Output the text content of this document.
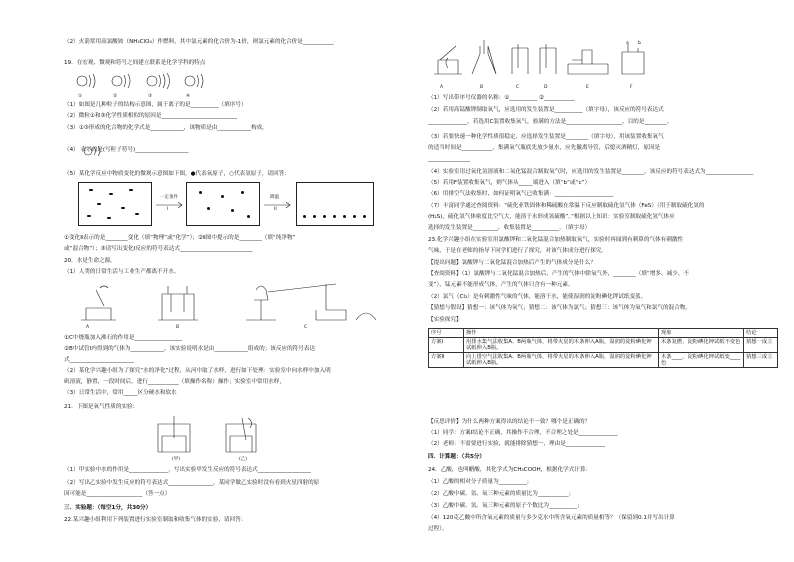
（2）火箭常用高氯酸铵（NH₄ClO₄）作燃料，其中氯元素的化合价为-1价，则氯元素的化合价是___________
19．在宏观、微观和符号之间建立联系是化学学科的特点
①	②	③	④
（1）如图是几种粒子的结构示意图，属于离子的是__________（填序号）
（2）微粒①和③化学性质相似的原因是___________________________
（3）①③形成的化合物的化学式是____________，该物质是由____________构成。
（4） 表示的是(写粒子符号)___________________
（5）某化学反应中物质变化的微观示意图如下图，●代表氧原子，○代表氢原子，请回答：
一定条件
I
降温
II
①变化Ⅱ表示的是________变化（填“物理”或“化学”）；②Ⅱ图中提示的是________（填“纯净物”
或“混合物”）；③请写出变化Ⅰ反应的符号表达式__________________________
20．水是生命之源。
（1）人类的日常生活与工业生产都离不开水。
A	B	C
①C中烧瓶加入沸石的作用是_________________
②B中试管Ⅰ内得到的气体为____________，该实验说明水是由____________组成的；该反应的符号表达
式_______________________
（2）某化学兴趣小组为了探究“水的净化”过程，从河中取了水样，进行如下处理：实验室中向水样中加入明
矾溶液，静置，一段时间后，进行___________（填操作名称）操作；实验室中常用水样，
（3）日常生活中，常用_____区分硬水和软水
21．下图是氧气性质的实验：
(甲)	(乙)
（1）甲实验中水的作用是______________，写出实验甲发生反应的符号表达式___________________
（2）写出乙实验中发生反应的符号表达式________________，某同学做乙实验时没有看到火星四射的原
因可能是____________________（答一点）
三．实验题：（每空1分，共30分）
22.某兴趣小组利用下列装置进行实验室制取和收集气体的实验，请回答：
A	B	C	D	E	F
a b
（1）写出带序号仪器的名称：①__________ ②___________
（2）若用高锰酸钾制取氧气，应选用的发生装置是__________（填字母），该反应的符号表达式
______________，若选用C装置收集氧气，验满的方法是____________________，目的是________。
（3）若要快速一种化学性质很稳定，应选择发生装置是________（填字母），用该装置收集氧气
的适当时间是___________，集满氧气瓶底先放少量水，应先撤离导管，后熄灭酒精灯，原因是
_______________
（4）实验室用过氧化氢溶液和二氧化锰混合制取氧气时，应选用的发生装置是________，该反应的符号表达式为_________________
（5）若用F装置收集氧气，则气体从_____端进入（填“b”或“c”）
（6）用排空气法收集时，如何证明氧气已收集满：_____________________
（7）丰富同学通过查阅资料：“硫化亚铁固体和稀硫酸在常温下反应制取硫化氢气体（FeS）（用于制取硫化氢的
(H₂S)，硫化氢气体密度比空气大，能溶于水形成氢硫酸”。”根据以上知识：实验室制取硫化氢气体应
选择的发生装置是_________，收集装置是__________。（填字母）
23.化学兴趣小组在实验室用氯酸钾和二氧化锰混合加热制取氧气，实验时再闻到有刺鼻的气体有刺激性
气味，于是在老师的指导下同学们进行了探究，对该气体成分进行探究。
【提出问题】氯酸钾与二氧化锰混合加热后产生的气体成分是什么？
【查阅资料】（1）氯酸钾与二氧化锰混合加热后，产生的气体中除氧气外，________（填“增多、减少、不
变”），锰元素不能形成气体，产生的气体只含有一种元素。
（2）氯气（Cl₂）是有刺激性气味的气体，能溶于水，能使湿润的淀粉碘化钾试纸变蓝。
【猜想与假设】猜想一：该气体为氧气；猜想二：该气体为氯气；猜想三：该气体为氧气和氯气的混合物。
【实验探究】
序号	操作	现象	结论
方案Ⅰ	用排水集气法收集A、B两瓶气体，将带火星的木条伸入A瓶，湿润的淀粉碘化钾试纸伸入B瓶。	木条复燃，淀粉碘化钾试纸不变色	猜想一成立
方案Ⅱ	向上排空气法收集A、B两瓶气体，将带火星的木条伸入A瓶，湿润的淀粉碘化钾试纸伸入B瓶。	木条____，淀粉碘化钾试纸变____色	猜想三成立
【反思评价】为什么两种方案得出的结论不一致？哪个是正确的？
（1）同学：方案Ⅰ结论不正确，其操作不合理，不合理之处是______________
（2）老师：不需要进行实验，就能排除猜想一，理由是______________
四．计算题：（共5分）
24．乙酸，也叫醋酸，其化学式为CH₃COOH，根据化学式计算：
（1）乙酸的相对分子质量为__________；
（2）乙酸中碳、氢、氧三种元素的质量比为___________；
（3）乙酸中碳、氢、氧三种元素的原子个数比为__________；
（4）120克乙酸中所含氧元素的质量与多少克水中所含氧元素的质量相等？（保留到0.1并写出计算
过程）。
